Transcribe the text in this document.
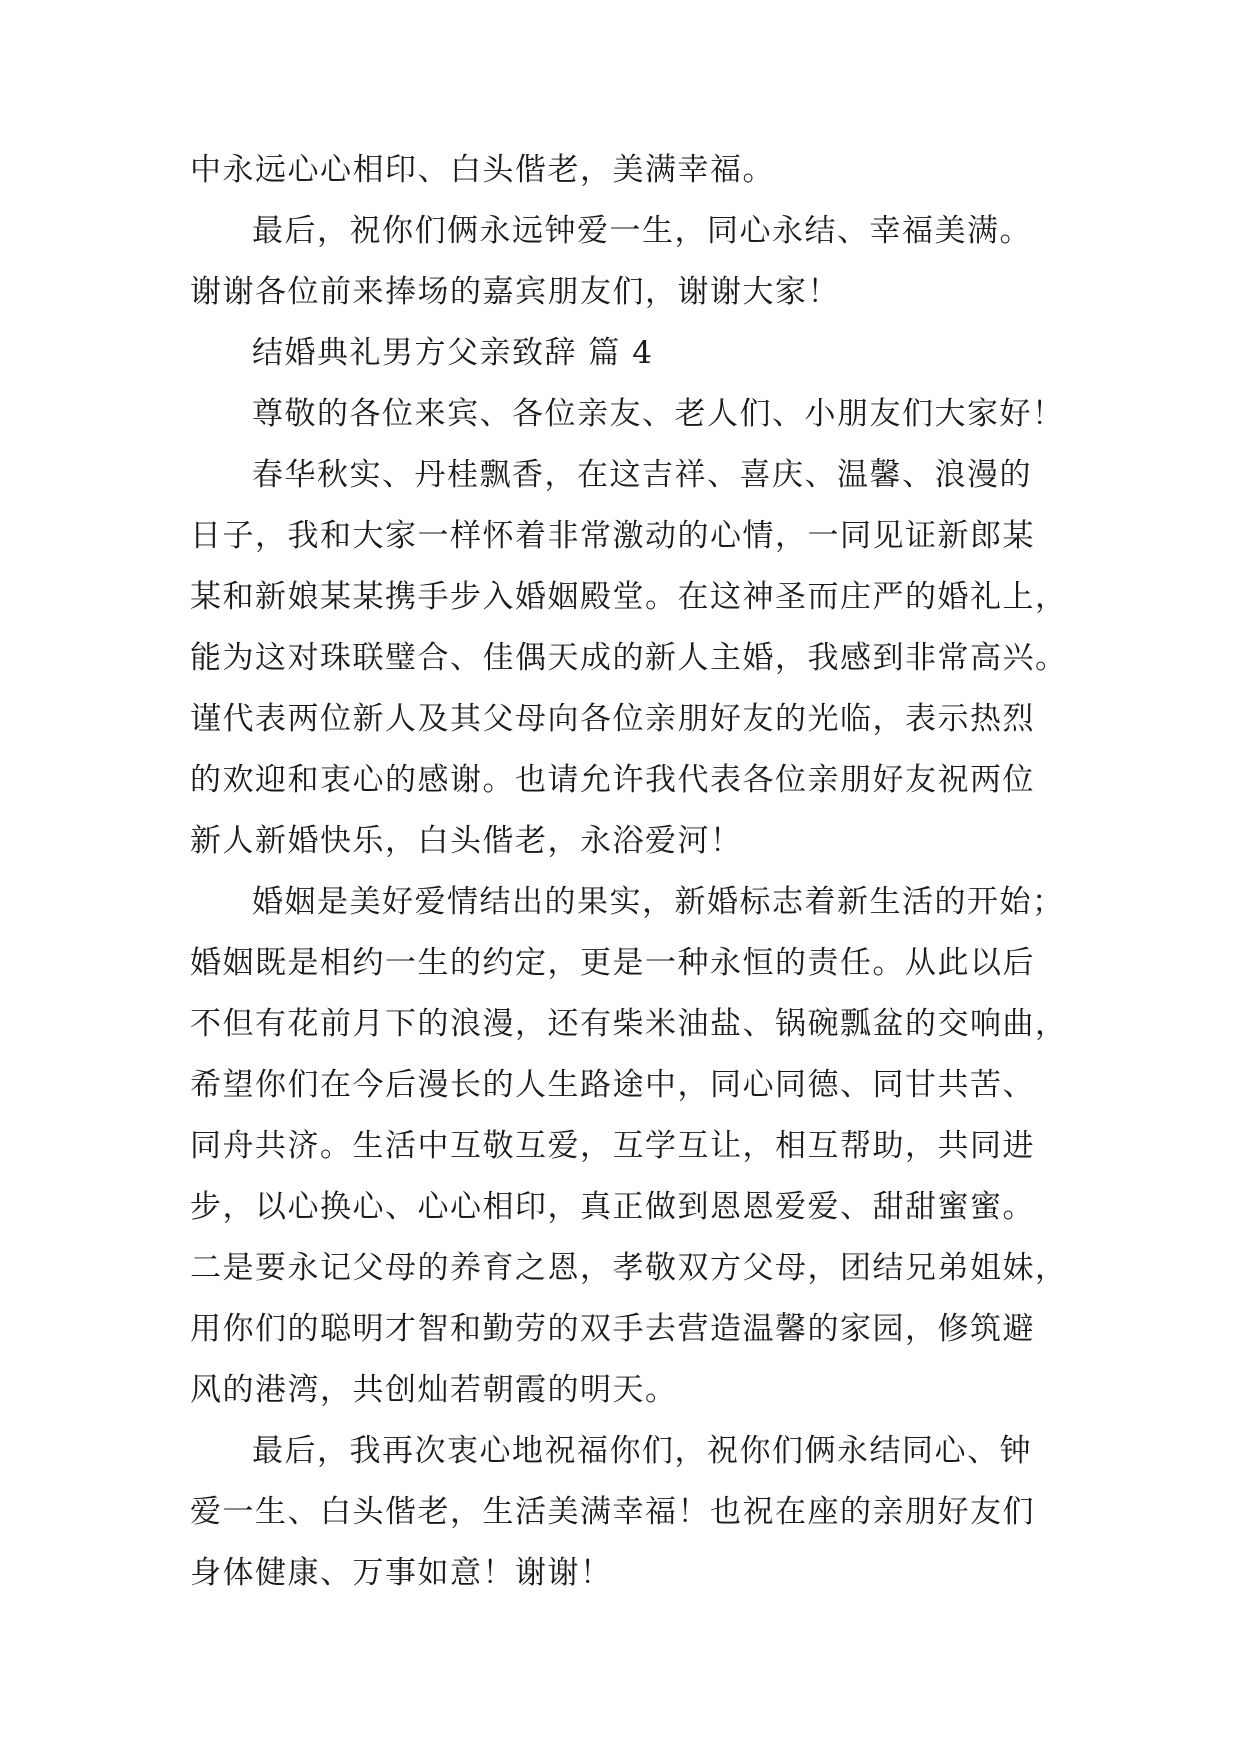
中永远心心相印、白头偕老，美满幸福。
最后，祝你们俩永远钟爱一生，同心永结、幸福美满。
谢谢各位前来捧场的嘉宾朋友们，谢谢大家！
结婚典礼男方父亲致辞 篇 4
尊敬的各位来宾、各位亲友、老人们、小朋友们大家好！
春华秋实、丹桂飘香，在这吉祥、喜庆、温馨、浪漫的
日子，我和大家一样怀着非常激动的心情，一同见证新郎某
某和新娘某某携手步入婚姻殿堂。在这神圣而庄严的婚礼上，
能为这对珠联璧合、佳偶天成的新人主婚，我感到非常高兴。
谨代表两位新人及其父母向各位亲朋好友的光临，表示热烈
的欢迎和衷心的感谢。也请允许我代表各位亲朋好友祝两位
新人新婚快乐，白头偕老，永浴爱河！
婚姻是美好爱情结出的果实，新婚标志着新生活的开始；
婚姻既是相约一生的约定，更是一种永恒的责任。从此以后
不但有花前月下的浪漫，还有柴米油盐、锅碗瓢盆的交响曲，
希望你们在今后漫长的人生路途中，同心同德、同甘共苦、
同舟共济。生活中互敬互爱，互学互让，相互帮助，共同进
步，以心换心、心心相印，真正做到恩恩爱爱、甜甜蜜蜜。
二是要永记父母的养育之恩，孝敬双方父母，团结兄弟姐妹，
用你们的聪明才智和勤劳的双手去营造温馨的家园，修筑避
风的港湾，共创灿若朝霞的明天。
最后，我再次衷心地祝福你们，祝你们俩永结同心、钟
爱一生、白头偕老，生活美满幸福！也祝在座的亲朋好友们
身体健康、万事如意！谢谢！
